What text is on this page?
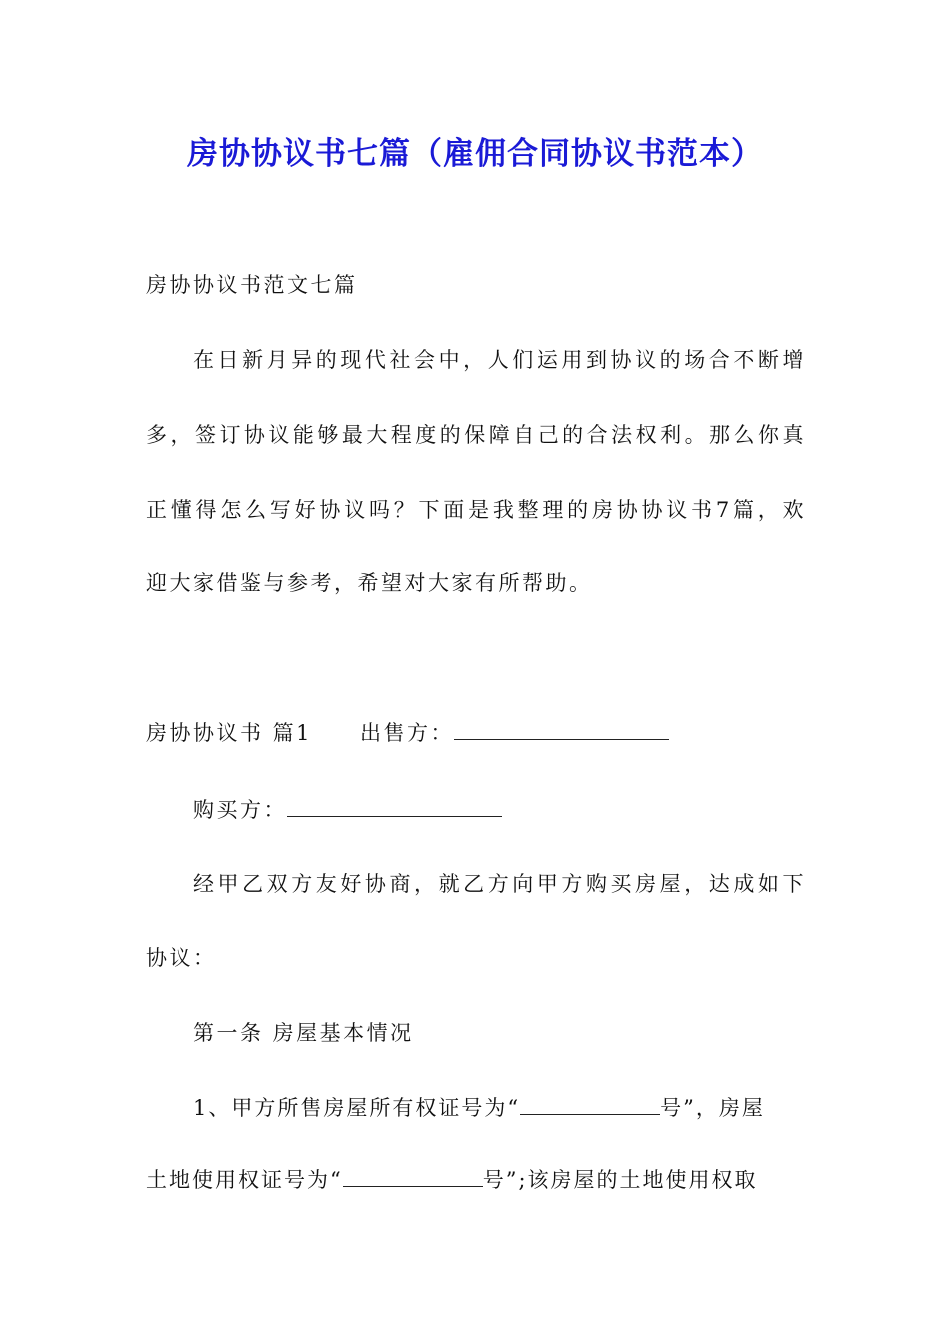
房协协议书七篇（雇佣合同协议书范本）

房协协议书范文七篇

在日新月异的现代社会中，人们运用到协议的场合不断增

多，签订协议能够最大程度的保障自己的合法权利。那么你真

正懂得怎么写好协议吗？下面是我整理的房协协议书7篇，欢

迎大家借鉴与参考，希望对大家有所帮助。

房协协议书 篇1 出售方：

购买方：

经甲乙双方友好协商，就乙方向甲方购买房屋，达成如下

协议：

第一条 房屋基本情况

1、甲方所售房屋所有权证号为“	号”，房屋

土地使用权证号为“	号”;该房屋的土地使用权取
